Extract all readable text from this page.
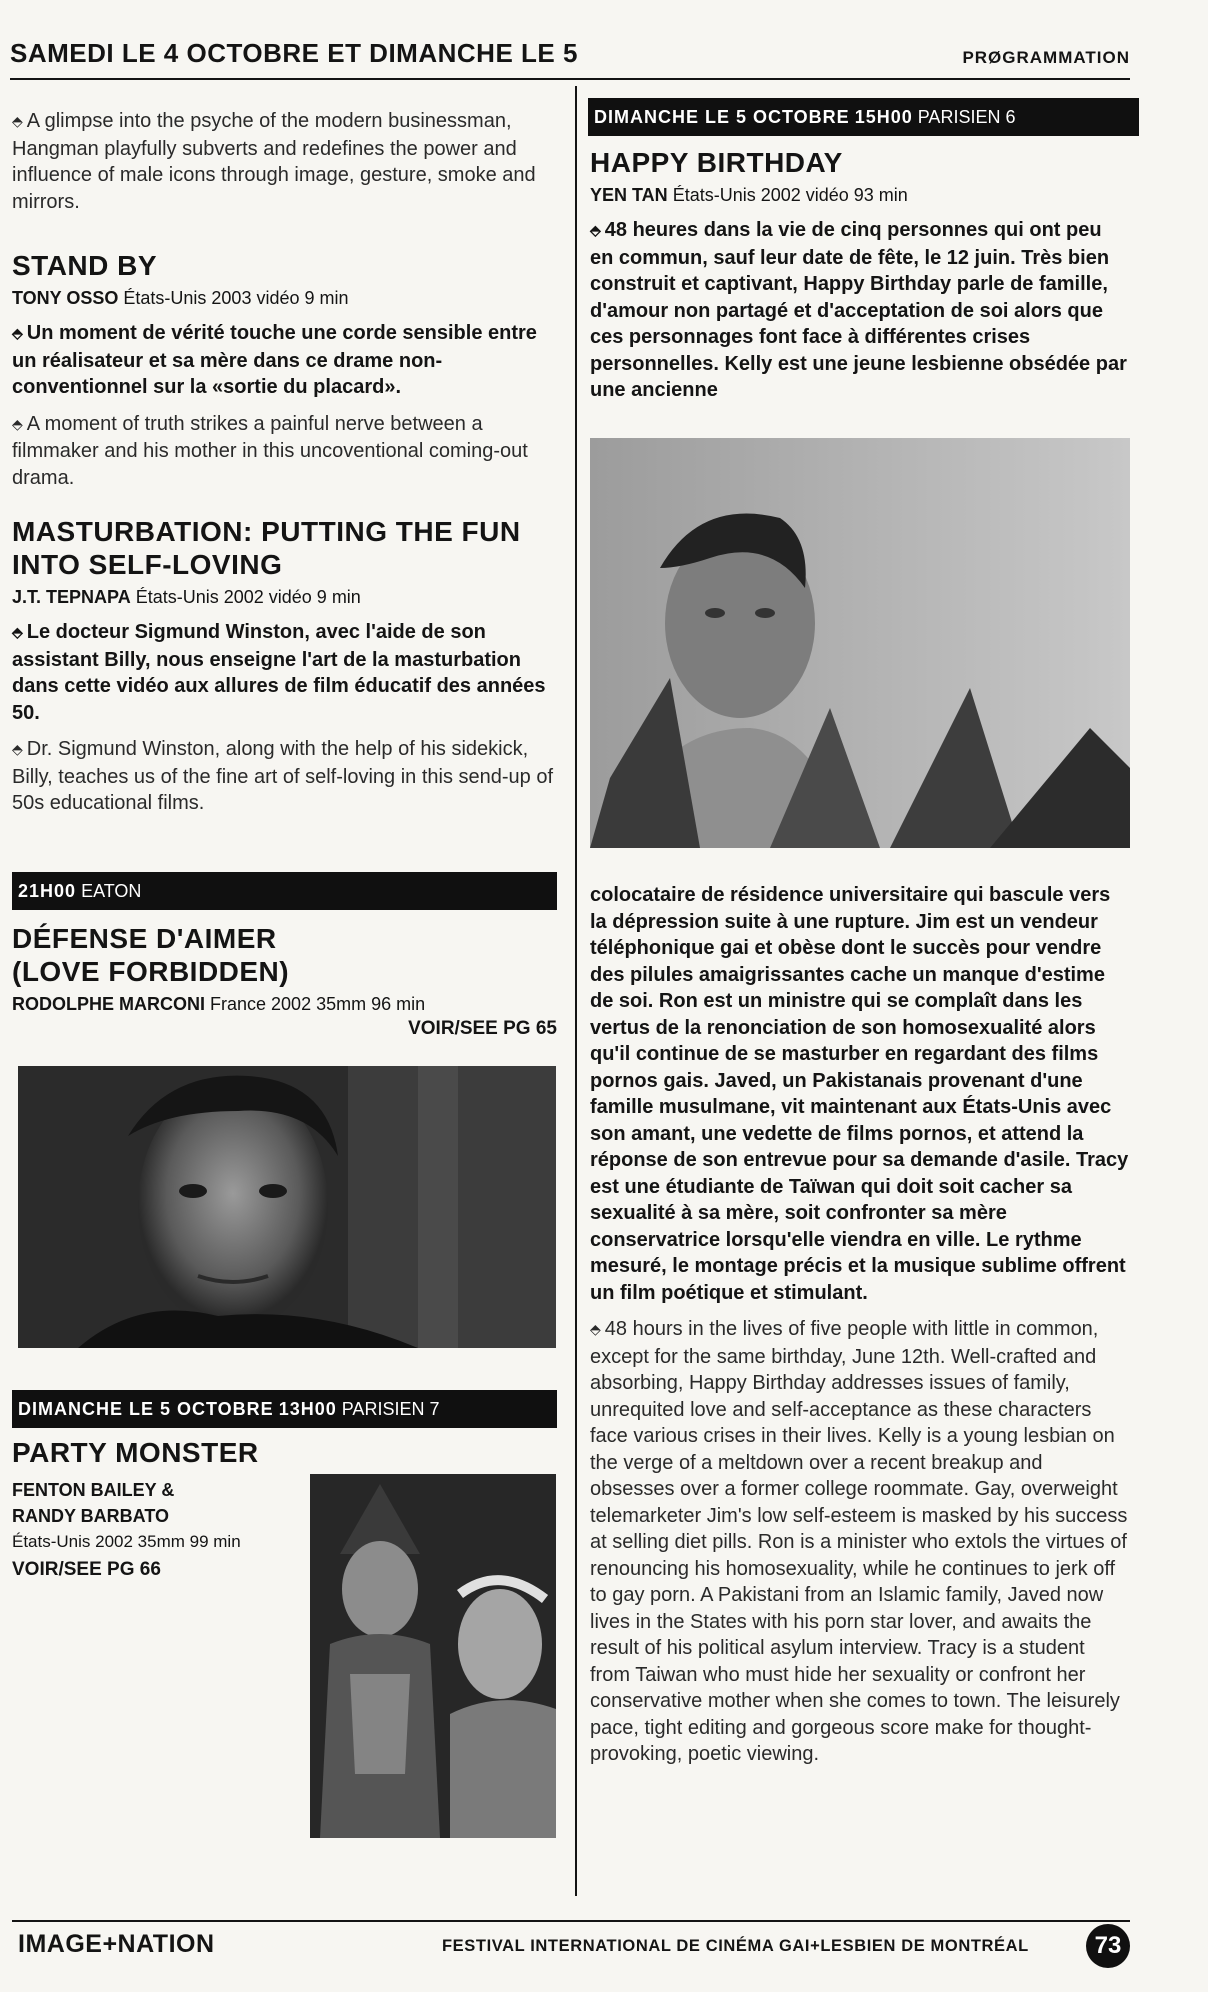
SAMEDI LE 4 OCTOBRE ET DIMANCHE LE 5	PRØGRAMMATION

⬘ A glimpse into the psyche of the modern businessman, Hangman playfully subverts and redefines the power and influence of male icons through image, gesture, smoke and mirrors.

STAND BY
TONY OSSO États-Unis 2003 vidéo 9 min

⬘ Un moment de vérité touche une corde sensible entre un réalisateur et sa mère dans ce drame non-conventionnel sur la «sortie du placard».

⬘ A moment of truth strikes a painful nerve between a filmmaker and his mother in this uncoventional coming-out drama.

MASTURBATION: PUTTING THE FUN INTO SELF-LOVING
J.T. TEPNAPA États-Unis 2002 vidéo 9 min

⬘ Le docteur Sigmund Winston, avec l'aide de son assistant Billy, nous enseigne l'art de la masturbation dans cette vidéo aux allures de film éducatif des années 50.

⬘ Dr. Sigmund Winston, along with the help of his sidekick, Billy, teaches us of the fine art of self-loving in this send-up of 50s educational films.

21H00 EATON
DÉFENSE D'AIMER
(LOVE FORBIDDEN)
RODOLPHE MARCONI France 2002 35mm 96 min
VOIR/SEE PG 65
DIMANCHE LE 5 OCTOBRE 13H00 PARISIEN 7
PARTY MONSTER
FENTON BAILEY &
RANDY BARBATO
États-Unis 2002 35mm 99 min
VOIR/SEE PG 66
DIMANCHE LE 5 OCTOBRE 15H00 PARISIEN 6
HAPPY BIRTHDAY
YEN TAN États-Unis 2002 vidéo 93 min

⬘ 48 heures dans la vie de cinq personnes qui ont peu en commun, sauf leur date de fête, le 12 juin. Très bien construit et captivant, Happy Birthday parle de famille, d'amour non partagé et d'acceptation de soi alors que ces personnages font face à différentes crises personnelles. Kelly est une jeune lesbienne obsédée par une ancienne

colocataire de résidence universitaire qui bascule vers la dépression suite à une rupture. Jim est un vendeur téléphonique gai et obèse dont le succès pour vendre des pilules amaigrissantes cache un manque d'estime de soi. Ron est un ministre qui se complaît dans les vertus de la renonciation de son homosexualité alors qu'il continue de se masturber en regardant des films pornos gais. Javed, un Pakistanais provenant d'une famille musulmane, vit maintenant aux États-Unis avec son amant, une vedette de films pornos, et attend la réponse de son entrevue pour sa demande d'asile. Tracy est une étudiante de Taïwan qui doit soit cacher sa sexualité à sa mère, soit confronter sa mère conservatrice lorsqu'elle viendra en ville. Le rythme mesuré, le montage précis et la musique sublime offrent un film poétique et stimulant.

⬘ 48 hours in the lives of five people with little in common, except for the same birthday, June 12th. Well-crafted and absorbing, Happy Birthday addresses issues of family, unrequited love and self-acceptance as these characters face various crises in their lives. Kelly is a young lesbian on the verge of a meltdown over a recent breakup and obsesses over a former college roommate. Gay, overweight telemarketer Jim's low self-esteem is masked by his success at selling diet pills. Ron is a minister who extols the virtues of renouncing his homosexuality, while he continues to jerk off to gay porn. A Pakistani from an Islamic family, Javed now lives in the States with his porn star lover, and awaits the result of his political asylum interview. Tracy is a student from Taiwan who must hide her sexuality or confront her conservative mother when she comes to town. The leisurely pace, tight editing and gorgeous score make for thought-provoking, poetic viewing.

IMAGE+NATION	FESTIVAL INTERNATIONAL DE CINÉMA GAI+LESBIEN DE MONTRÉAL	73
